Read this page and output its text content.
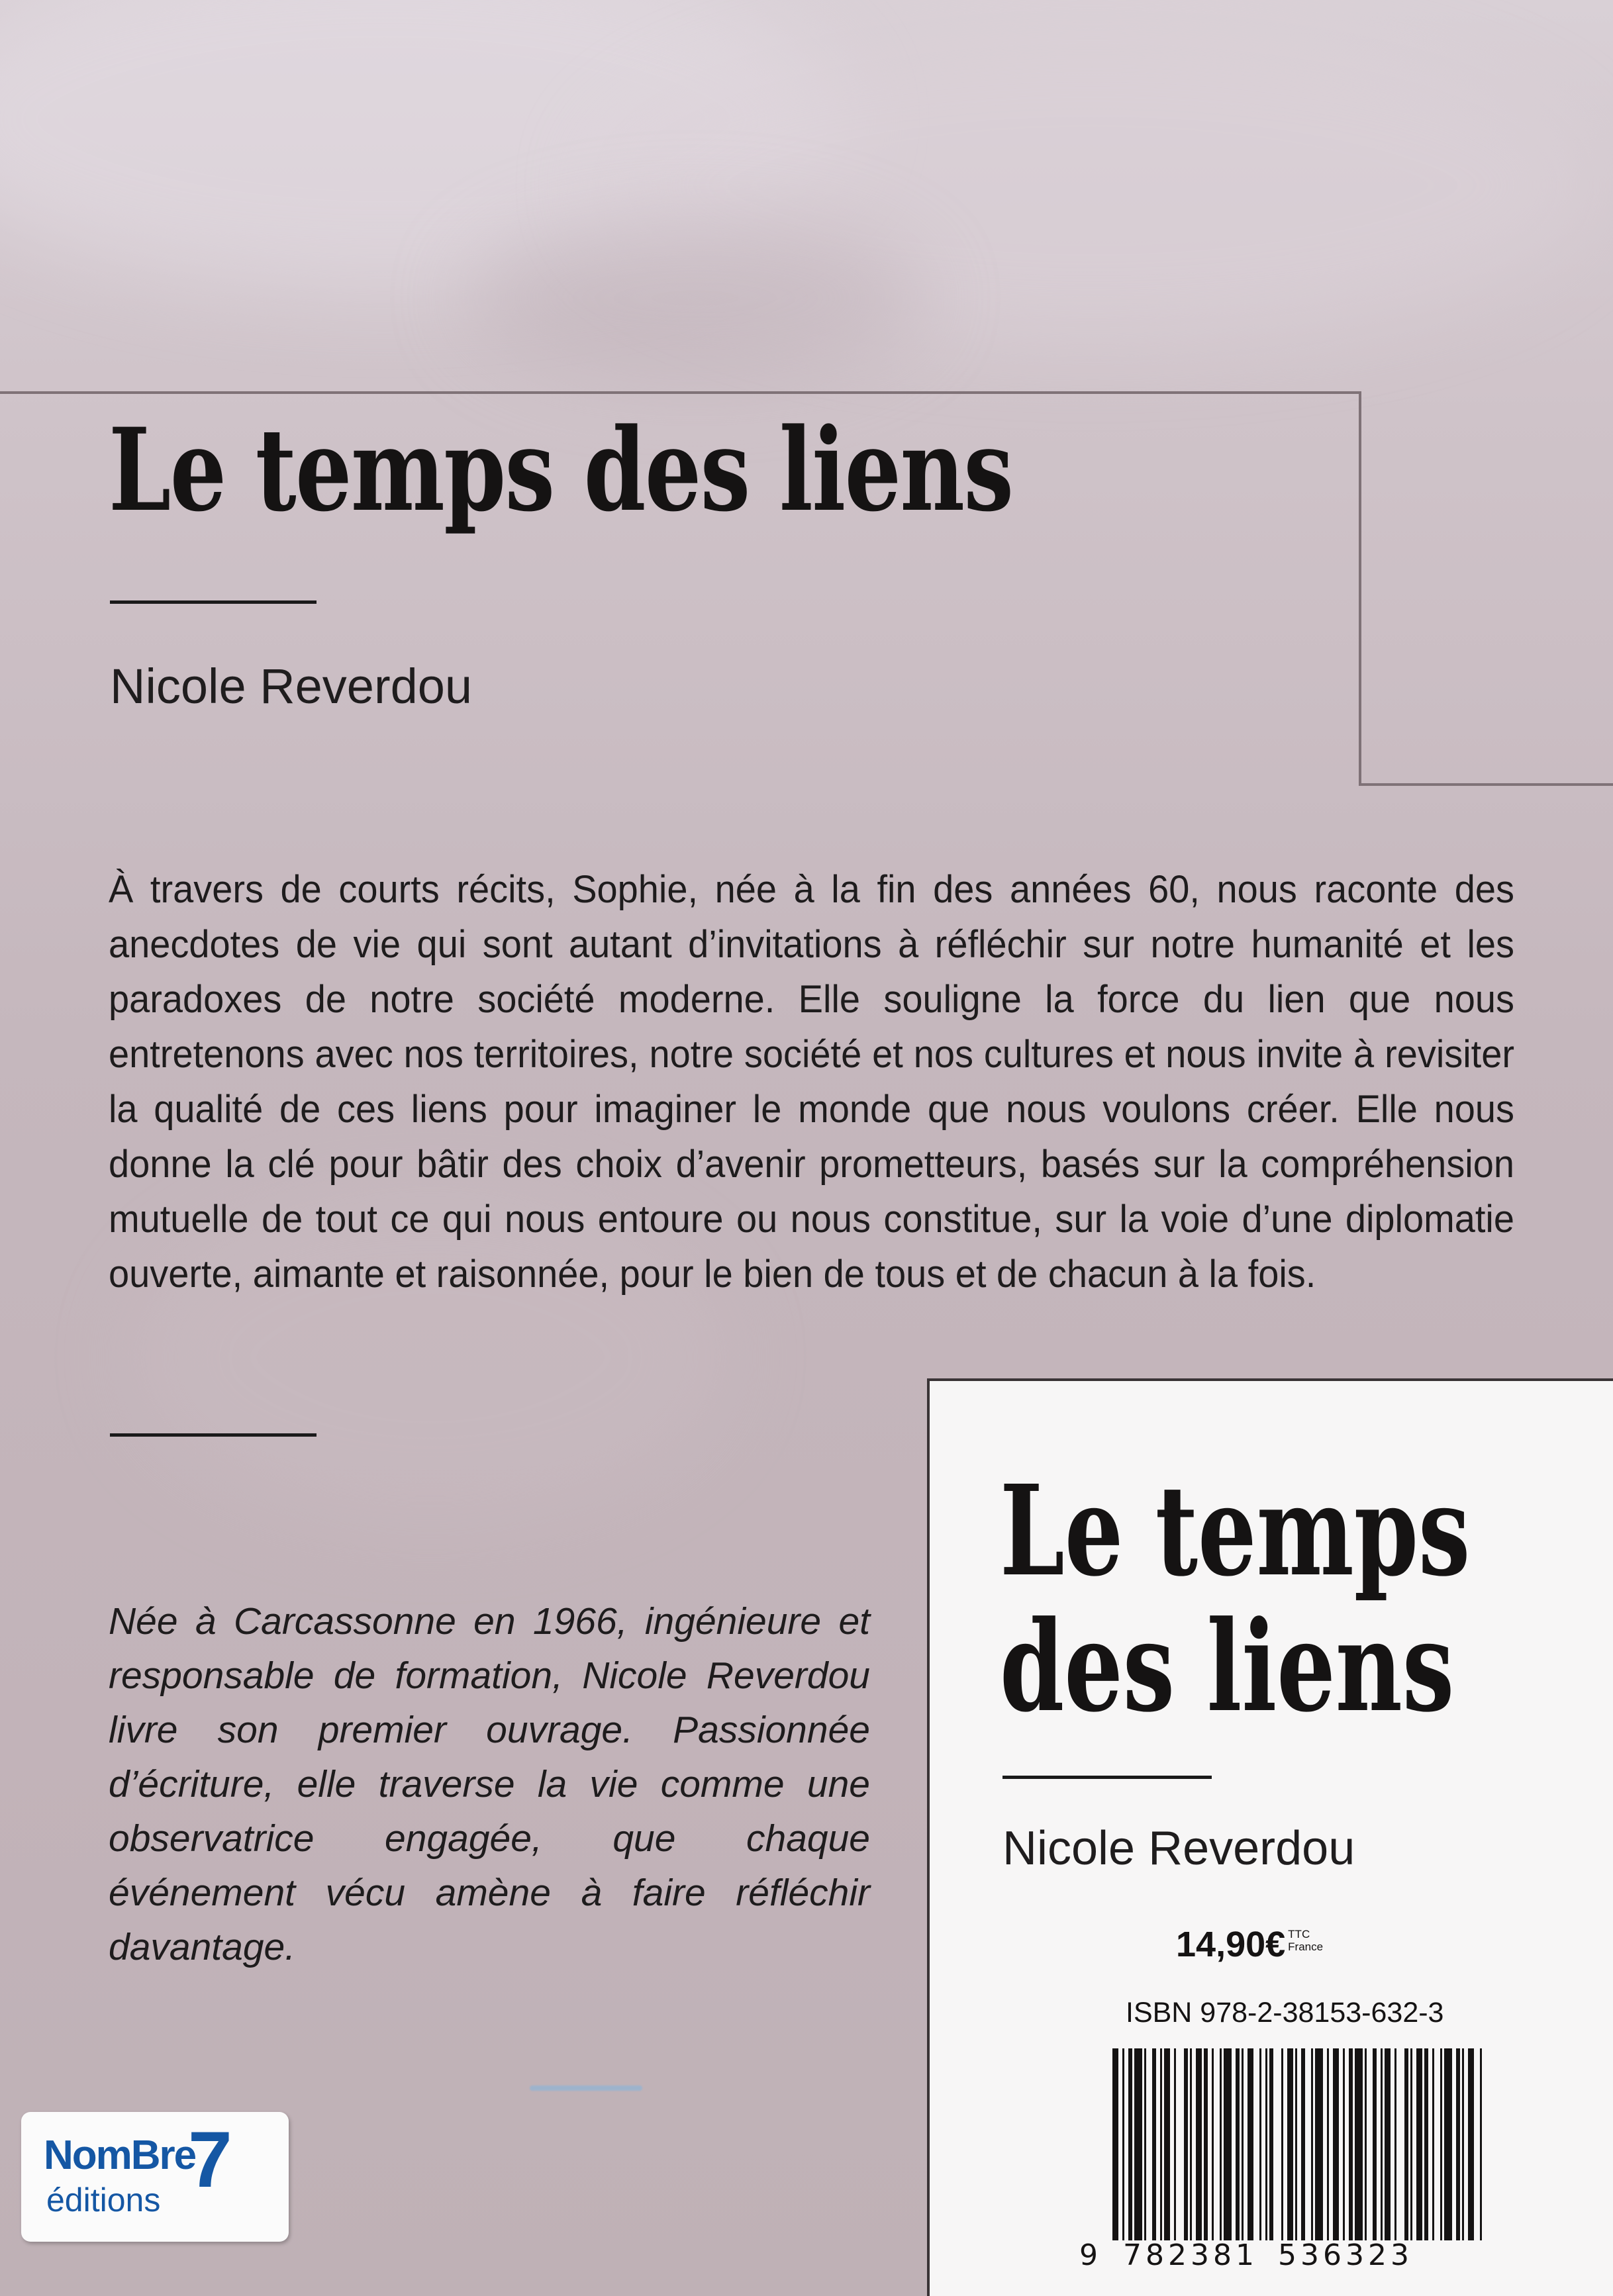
Le temps des liens
Nicole Reverdou

À travers de courts récits, Sophie, née à la fin des années 60, nous raconte des anecdotes de vie qui sont autant d’invitations à réfléchir sur notre humanité et les paradoxes de notre société moderne. Elle souligne la force du lien que nous entretenons avec nos territoires, notre société et nos cultures et nous invite à revisiter la qualité de ces liens pour imaginer le monde que nous voulons créer. Elle nous donne la clé pour bâtir des choix d’avenir prometteurs, basés sur la compréhension mutuelle de tout ce qui nous entoure ou nous constitue, sur la voie d’une diplomatie ouverte, aimante et raisonnée, pour le bien de tous et de chacun à la fois.

Née à Carcassonne en 1966, ingénieure et responsable de formation, Nicole Reverdou livre son premier ouvrage. Passionnée d’écriture, elle traverse la vie comme une observatrice engagée, que chaque événement vécu amène à faire réfléchir davantage.

Le temps
des liens
Nicole Reverdou
14,90€ TTC
France
ISBN 978-2-38153-632-3
9 782381 536323
NomBre
7
éditions
